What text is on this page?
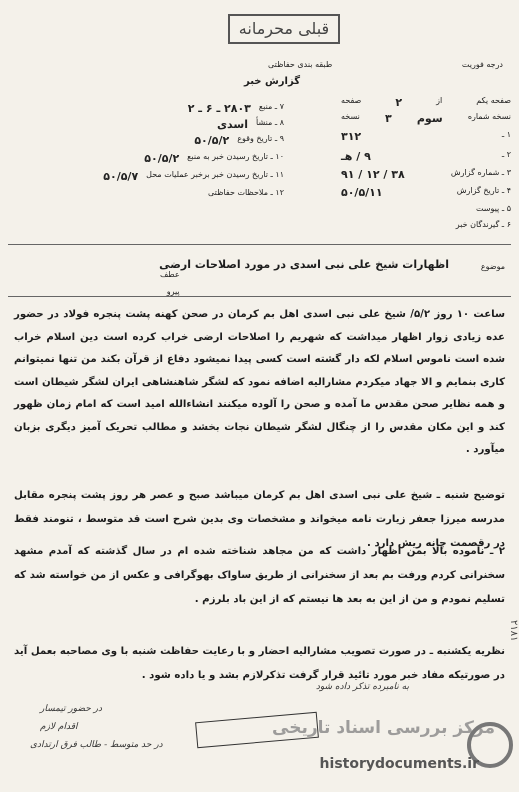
قبلی محرمانه
طبقه بندی حفاظتی	درجه فوریت
گزارش خبر
صفحه یکم
از
۲
صفحه
نسخه شماره
سوم
۳
نسخه
۱ ـ
۳۱۲
۲ ـ
۹ / هـ
۳ ـ شماره گزارش
۳۸ / ۱۲ / ۹۱
۴ ـ تاریخ گزارش
۵۰/۵/۱۱
۵ ـ پیوست
۶ ـ گیرندگان خبر
۷ ـ منبع
۲۸۰۳ ـ ۶ ـ ۲
۸ ـ منشأ
اسدی
۹ ـ تاریخ وقوع
۵۰/۵/۲
۱۰ ـ تاریخ رسیدن خبر به منبع
۵۰/۵/۲
۱۱ ـ تاریخ رسیدن خبر برخبر عملیات محل
۵۰/۵/۷
۱۲ ـ ملاحظات حفاظتی
موضوع
اظهارات شیخ علی نبی اسدی در مورد اصلاحات ارضی
عطف
پیرو
ساعت ۱۰ روز ۵/۲/ شیخ علی نبی اسدی اهل بم کرمان در صحن کهنه پشت پنجره فولاد در حضور عده زیادی زوار اظهار میداشت که شهریم را اصلاحات ارضی خراب کرده است دین اسلام خراب شده است ناموس اسلام لکه دار گشته است کسی پیدا نمیشود دفاع از قرآن بکند من تنها نمیتوانم کاری بنمایم و الا جهاد میکردم مشارالیه اضافه نمود که لشگر شاهنشاهی ایران لشگر شیطان است و همه نظایر صحن مقدس ما آمده و صحن را آلوده میکنند انشاءالله امید است که امام زمان ظهور کند و این مکان مقدس را از چنگال لشگر شیطان نجات بخشد و مطالب تحریک آمیز دیگری بزبان میآورد .
توضیح شنبه ـ شیخ علی نبی اسدی اهل بم کرمان میباشد صبح و عصر هر روز پشت پنجره مقابل مدرسه میرزا جعفر زیارت نامه میخواند و مشخصات وی بدین شرح است قد متوسط ، تنومند فقط در رقصمت چانه ریش دارد .
۲ ـ ناموده بالا بمن اظهار داشت که من مجاهد شناخته شده ام در سال گذشته که آمدم مشهد سخنرانی کردم ورفت بم بعد از سخنرانی از طریق ساواک بهوگرافی و عکس از من خواسته شد که تسلیم نمودم و من از این به بعد ها نیستم که از این باد بلرزم .
نظریه یکشنبه ـ در صورت تصویب مشارالیه احضار و با رعایت حفاظت شنبه با وی مصاحبه بعمل آید در صورتیکه مفاد خبر مورد تائید قرار گرفت تذکرلازم بشد و یا داده شود .
به نامبرده تذکر داده شود
در حضور تیمسار
اقدام لازم
در حد متوسط - طالب فرق ارتدادی
۲۱۸۱
مرکز بررسی اسناد تاریخی
historydocuments.ir
